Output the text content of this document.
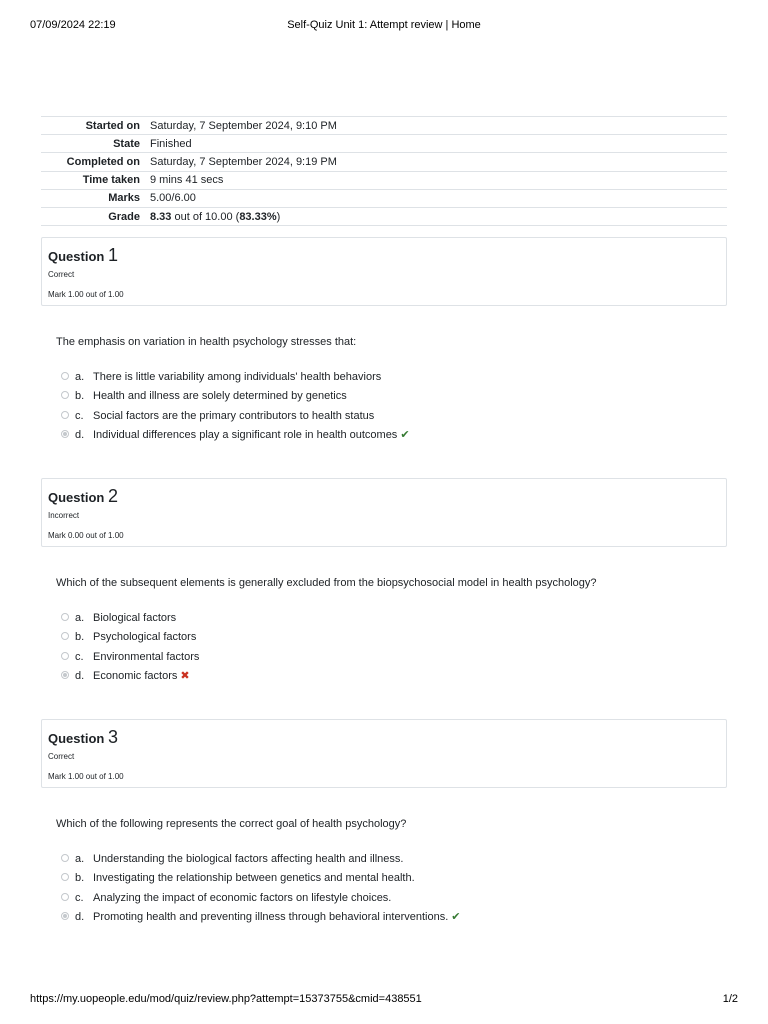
07/09/2024 22:19	Self-Quiz Unit 1: Attempt review | Home
Started on	Saturday, 7 September 2024, 9:10 PM
State	Finished
Completed on	Saturday, 7 September 2024, 9:19 PM
Time taken	9 mins 41 secs
Marks	5.00/6.00
Grade	8.33 out of 10.00 (83.33%)
Question 1
Correct
Mark 1.00 out of 1.00
The emphasis on variation in health psychology stresses that:
a. There is little variability among individuals' health behaviors
b. Health and illness are solely determined by genetics
c. Social factors are the primary contributors to health status
d. Individual differences play a significant role in health outcomes ✔
Question 2
Incorrect
Mark 0.00 out of 1.00
Which of the subsequent elements is generally excluded from the biopsychosocial model in health psychology?
a. Biological factors
b. Psychological factors
c. Environmental factors
d. Economic factors ✖
Question 3
Correct
Mark 1.00 out of 1.00
Which of the following represents the correct goal of health psychology?
a. Understanding the biological factors affecting health and illness.
b. Investigating the relationship between genetics and mental health.
c. Analyzing the impact of economic factors on lifestyle choices.
d. Promoting health and preventing illness through behavioral interventions. ✔
https://my.uopeople.edu/mod/quiz/review.php?attempt=15373755&cmid=438551	1/2
